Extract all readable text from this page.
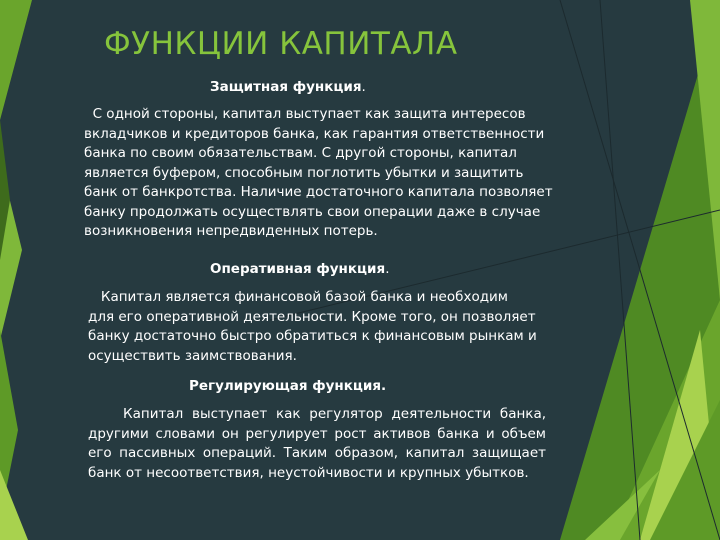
ФУНКЦИИ КАПИТАЛА
Защитная функция.
С одной стороны, капитал выступает как защита интересов вкладчиков и кредиторов банка, как гарантия ответственности банка по своим обязательствам. С другой стороны, капитал является буфером, способным поглотить убытки и защитить банк от банкротства. Наличие достаточного капитала позволяет банку продолжать осуществлять свои операции даже в случае возникновения непредвиденных потерь.
Оперативная функция.
Капитал является финансовой базой банка и необходим для его оперативной деятельности. Кроме того, он позволяет банку достаточно быстро обратиться к финансовым рынкам и осуществить заимствования.
Регулирующая функция.
Капитал выступает как регулятор деятельности банка, другими словами он регулирует рост активов банка и объем его пассивных операций. Таким образом, капитал защищает банк от несоответствия, неустойчивости и крупных убытков.
